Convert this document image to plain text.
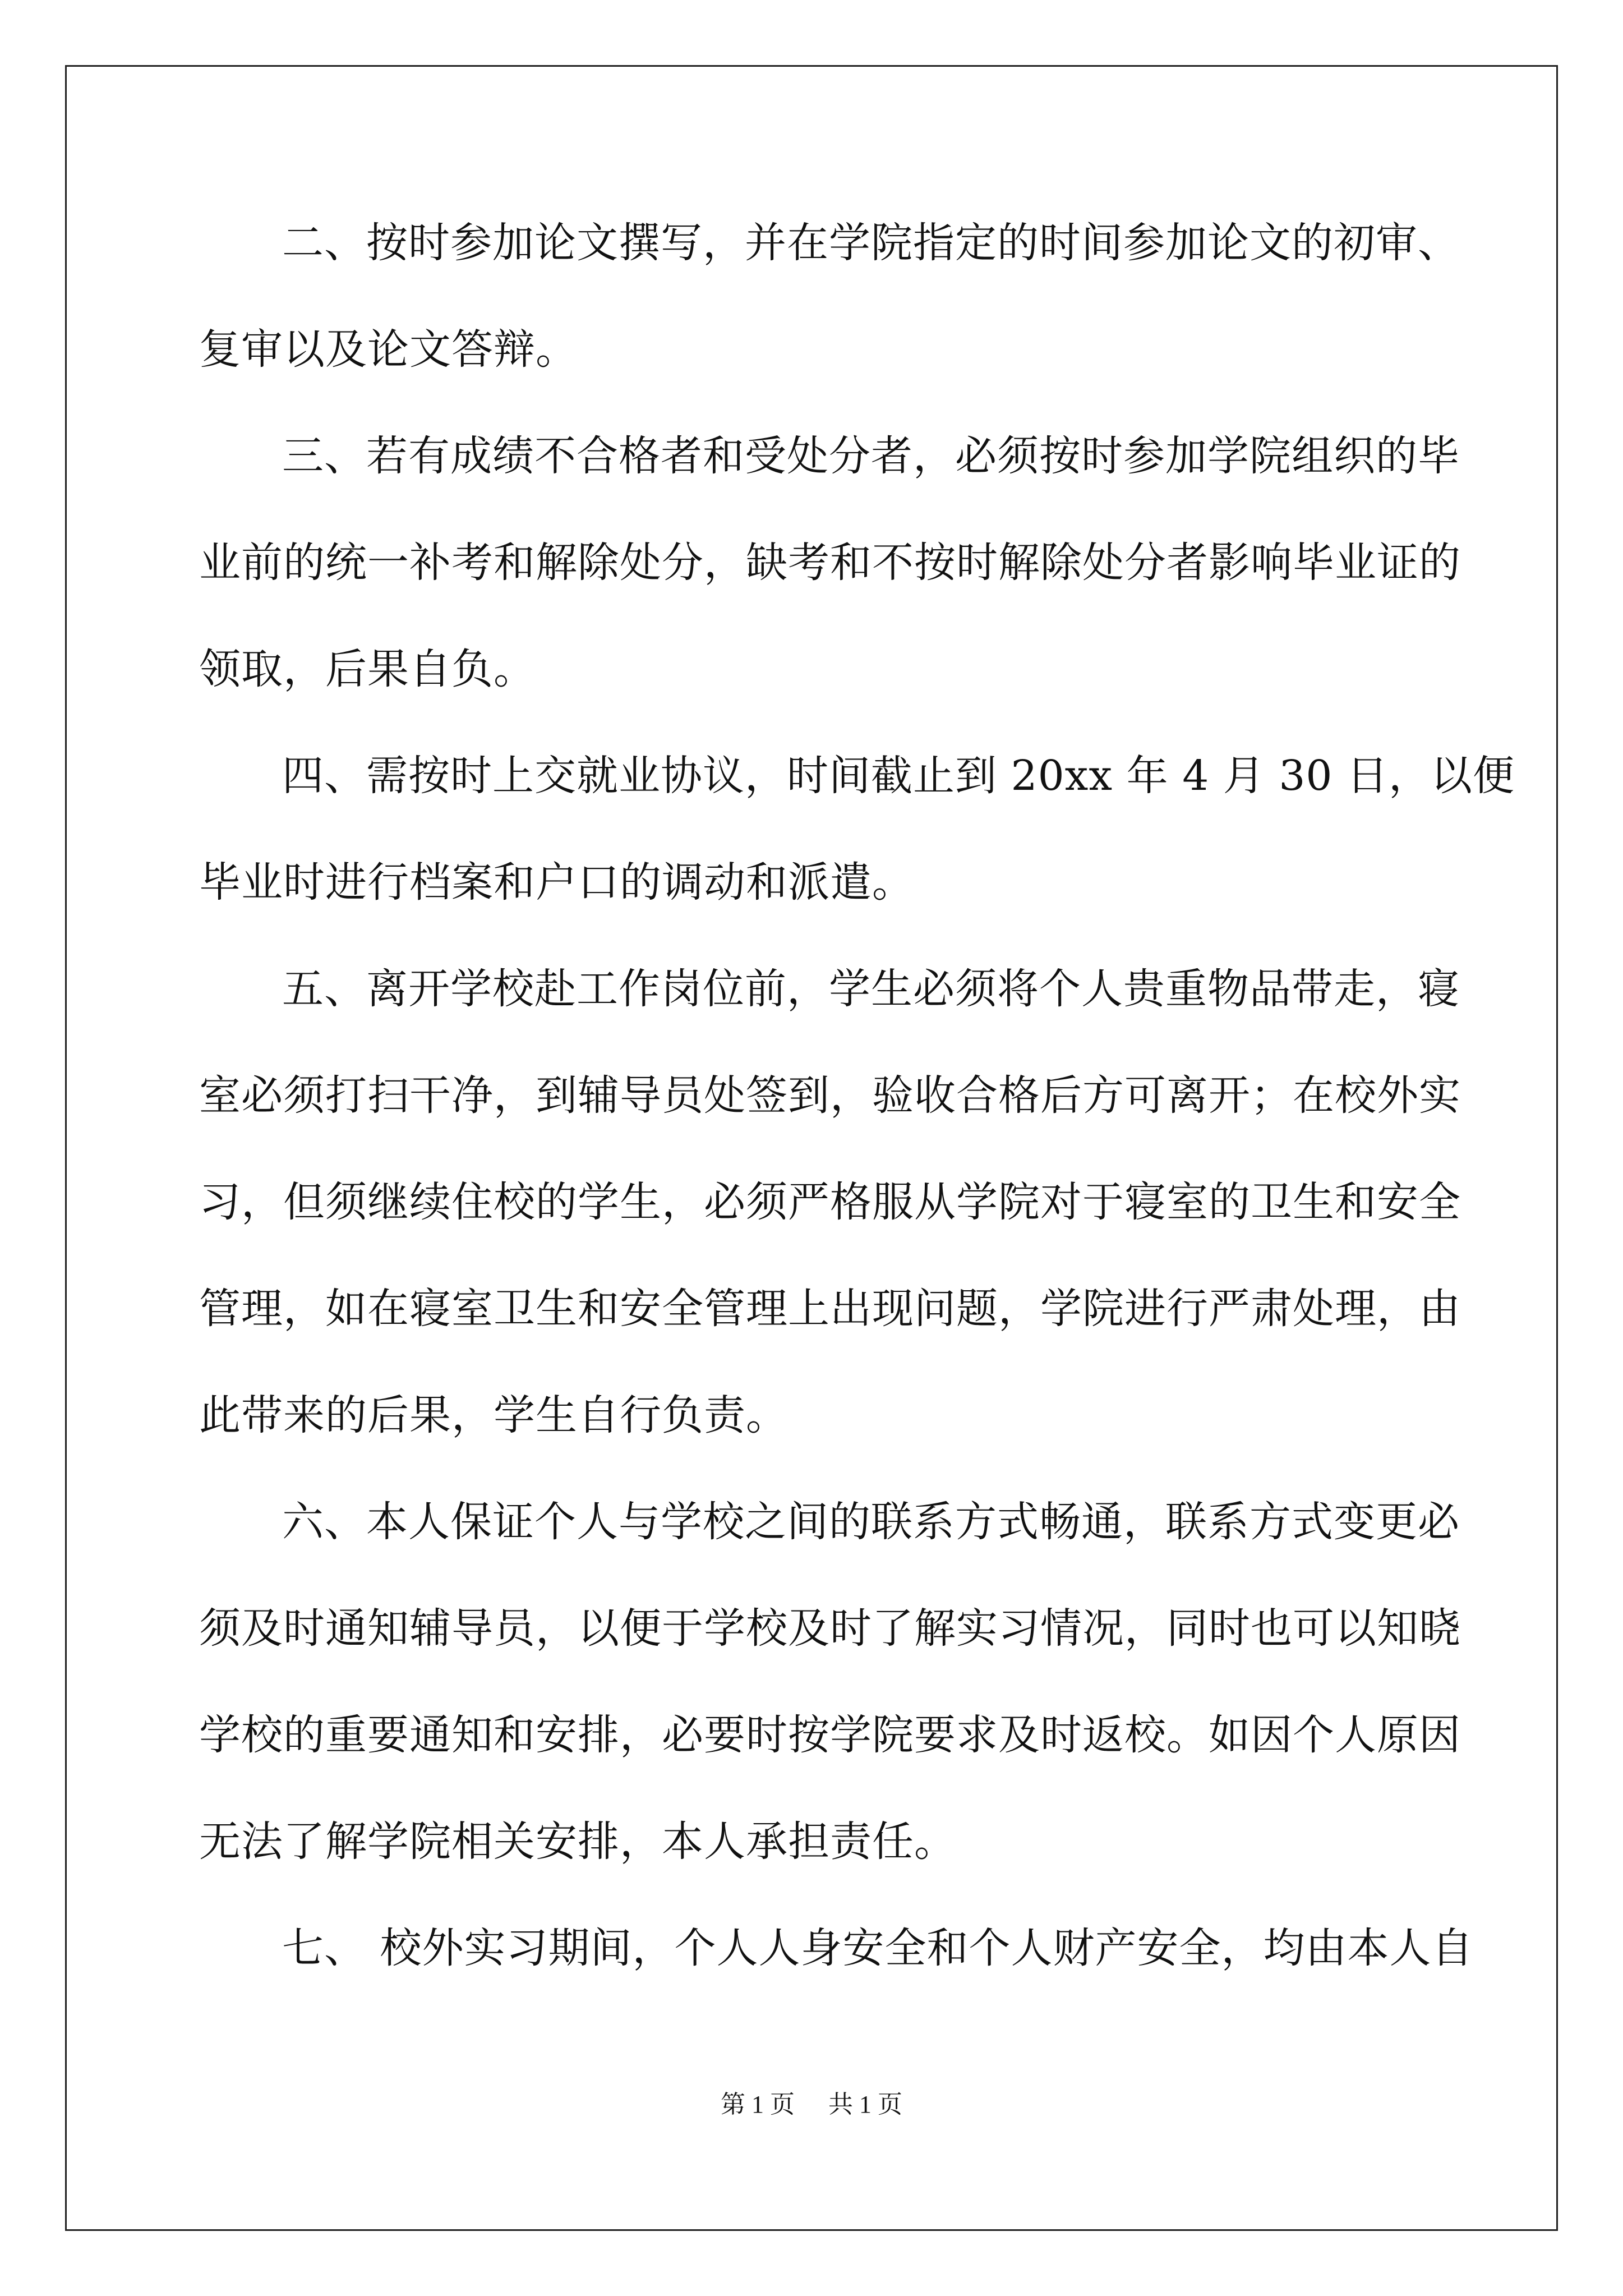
二、按时参加论文撰写，并在学院指定的时间参加论文的初审、
复审以及论文答辩。
三、若有成绩不合格者和受处分者，必须按时参加学院组织的毕
业前的统一补考和解除处分，缺考和不按时解除处分者影响毕业证的
领取，后果自负。
四、需按时上交就业协议，时间截止到 20xx 年 4 月 30 日，以便
毕业时进行档案和户口的调动和派遣。
五、离开学校赴工作岗位前，学生必须将个人贵重物品带走，寝
室必须打扫干净，到辅导员处签到，验收合格后方可离开；在校外实
习，但须继续住校的学生，必须严格服从学院对于寝室的卫生和安全
管理，如在寝室卫生和安全管理上出现问题，学院进行严肃处理，由
此带来的后果，学生自行负责。
六、本人保证个人与学校之间的联系方式畅通，联系方式变更必
须及时通知辅导员，以便于学校及时了解实习情况，同时也可以知晓
学校的重要通知和安排，必要时按学院要求及时返校。如因个人原因
无法了解学院相关安排，本人承担责任。
七、 校外实习期间，个人人身安全和个人财产安全，均由本人自
第 1 页 共 1 页
